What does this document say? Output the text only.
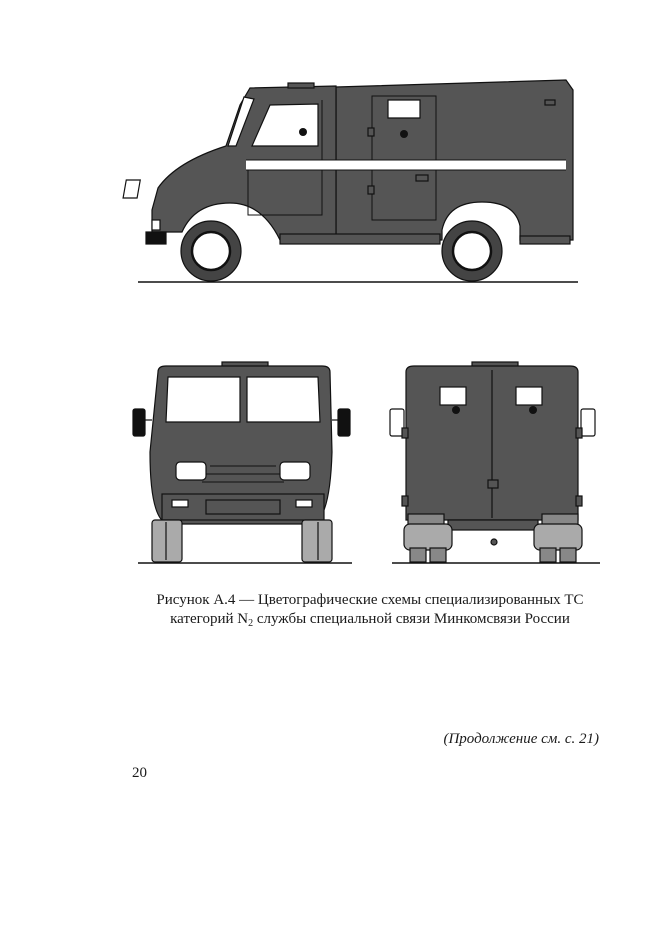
Рисунок А.4 — Цветографические схемы специализированных ТС
категорий $N_2$ службы специальной связи Минкомсвязи России
(Продолжение см. с. 21)
20
